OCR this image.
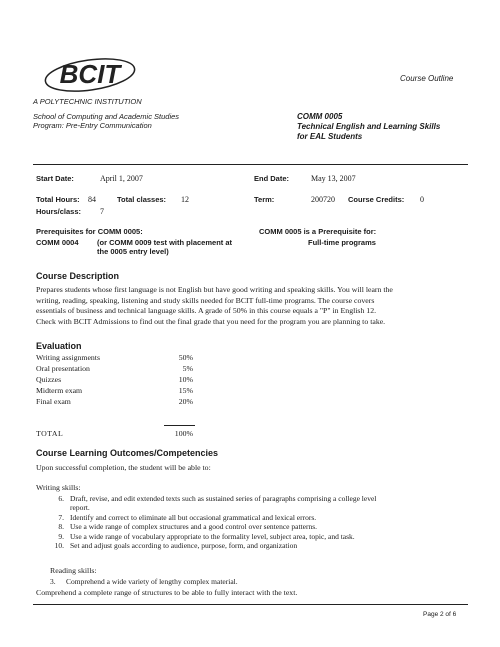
BCIT
A POLYTECHNIC INSTITUTION
School of Computing and Academic Studies
Program: Pre-Entry Communication
Course Outline
COMM 0005
Technical English and Learning Skills
for EAL Students
Start Date:	April 1, 2007	End Date:	May 13, 2007
Total Hours: 84	Total classes: 12	Term:	200720 Course Credits: 0
Hours/class: 7
Prerequisites for COMM 0005:
COMM 0004 (or COMM 0009 test with placement at
the 0005 entry level)
COMM 0005 is a Prerequisite for:
Full-time programs
Course Description
Prepares students whose first language is not English but have good writing and speaking skills. You will learn the
writing, reading, speaking, listening and study skills needed for BCIT full-time programs. The course covers
essentials of business and technical language skills. A grade of 50% in this course equals a "P" in English 12.
Check with BCIT Admissions to find out the final grade that you need for the program you are planning to take.
Evaluation
Writing assignments	50%
Oral presentation	5%
Quizzes	10%
Midterm exam	15%
Final exam	20%
TOTAL	100%
Course Learning Outcomes/Competencies
Upon successful completion, the student will be able to:
Writing skills:
6. Draft, revise, and edit extended texts such as sustained series of paragraphs comprising a college level
report.
7. Identify and correct to eliminate all but occasional grammatical and lexical errors.
8. Use a wide range of complex structures and a good control over sentence patterns.
9. Use a wide range of vocabulary appropriate to the formality level, subject area, topic, and task.
10. Set and adjust goals according to audience, purpose, form, and organization
Reading skills:
3.	Comprehend a wide variety of lengthy complex material.
Comprehend a complete range of structures to be able to fully interact with the text.
Page 2 of 6
